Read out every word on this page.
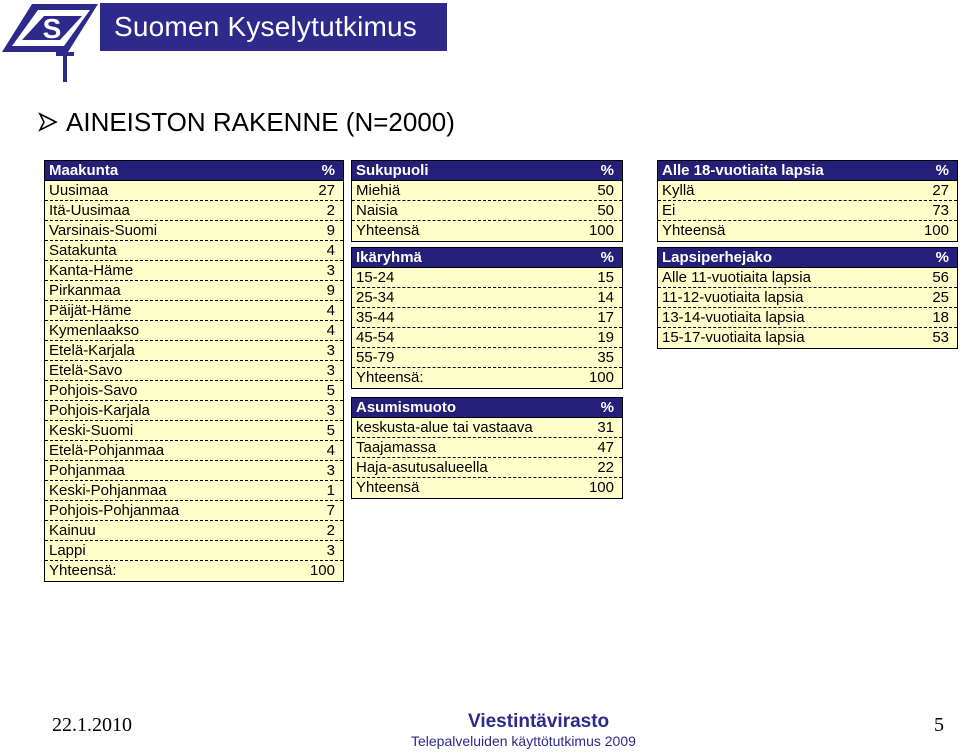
S	Suomen Kyselytutkimus Oy
AINEISTON RAKENNE (N=2000)
Maakunta	%
Uusimaa	27
Itä-Uusimaa	2
Varsinais-Suomi	9
Satakunta	4
Kanta-Häme	3
Pirkanmaa	9
Päijät-Häme	4
Kymenlaakso	4
Etelä-Karjala	3
Etelä-Savo	3
Pohjois-Savo	5
Pohjois-Karjala	3
Keski-Suomi	5
Etelä-Pohjanmaa	4
Pohjanmaa	3
Keski-Pohjanmaa	1
Pohjois-Pohjanmaa	7
Kainuu	2
Lappi	3
Yhteensä:	100
Sukupuoli	%
Miehiä	50
Naisia	50
Yhteensä	100
Ikäryhmä	%
15-24	15
25-34	14
35-44	17
45-54	19
55-79	35
Yhteensä:	100
Asumismuoto	%
keskusta-alue tai vastaava	31
Taajamassa	47
Haja-asutusalueella	22
Yhteensä	100
Alle 18-vuotiaita lapsia	%
Kyllä	27
Ei	73
Yhteensä	100
Lapsiperhejako	%
Alle 11-vuotiaita lapsia	56
11-12-vuotiaita lapsia	25
13-14-vuotiaita lapsia	18
15-17-vuotiaita lapsia	53
22.1.2010	Viestintävirasto
Telepalveluiden käyttötutkimus 2009
5
